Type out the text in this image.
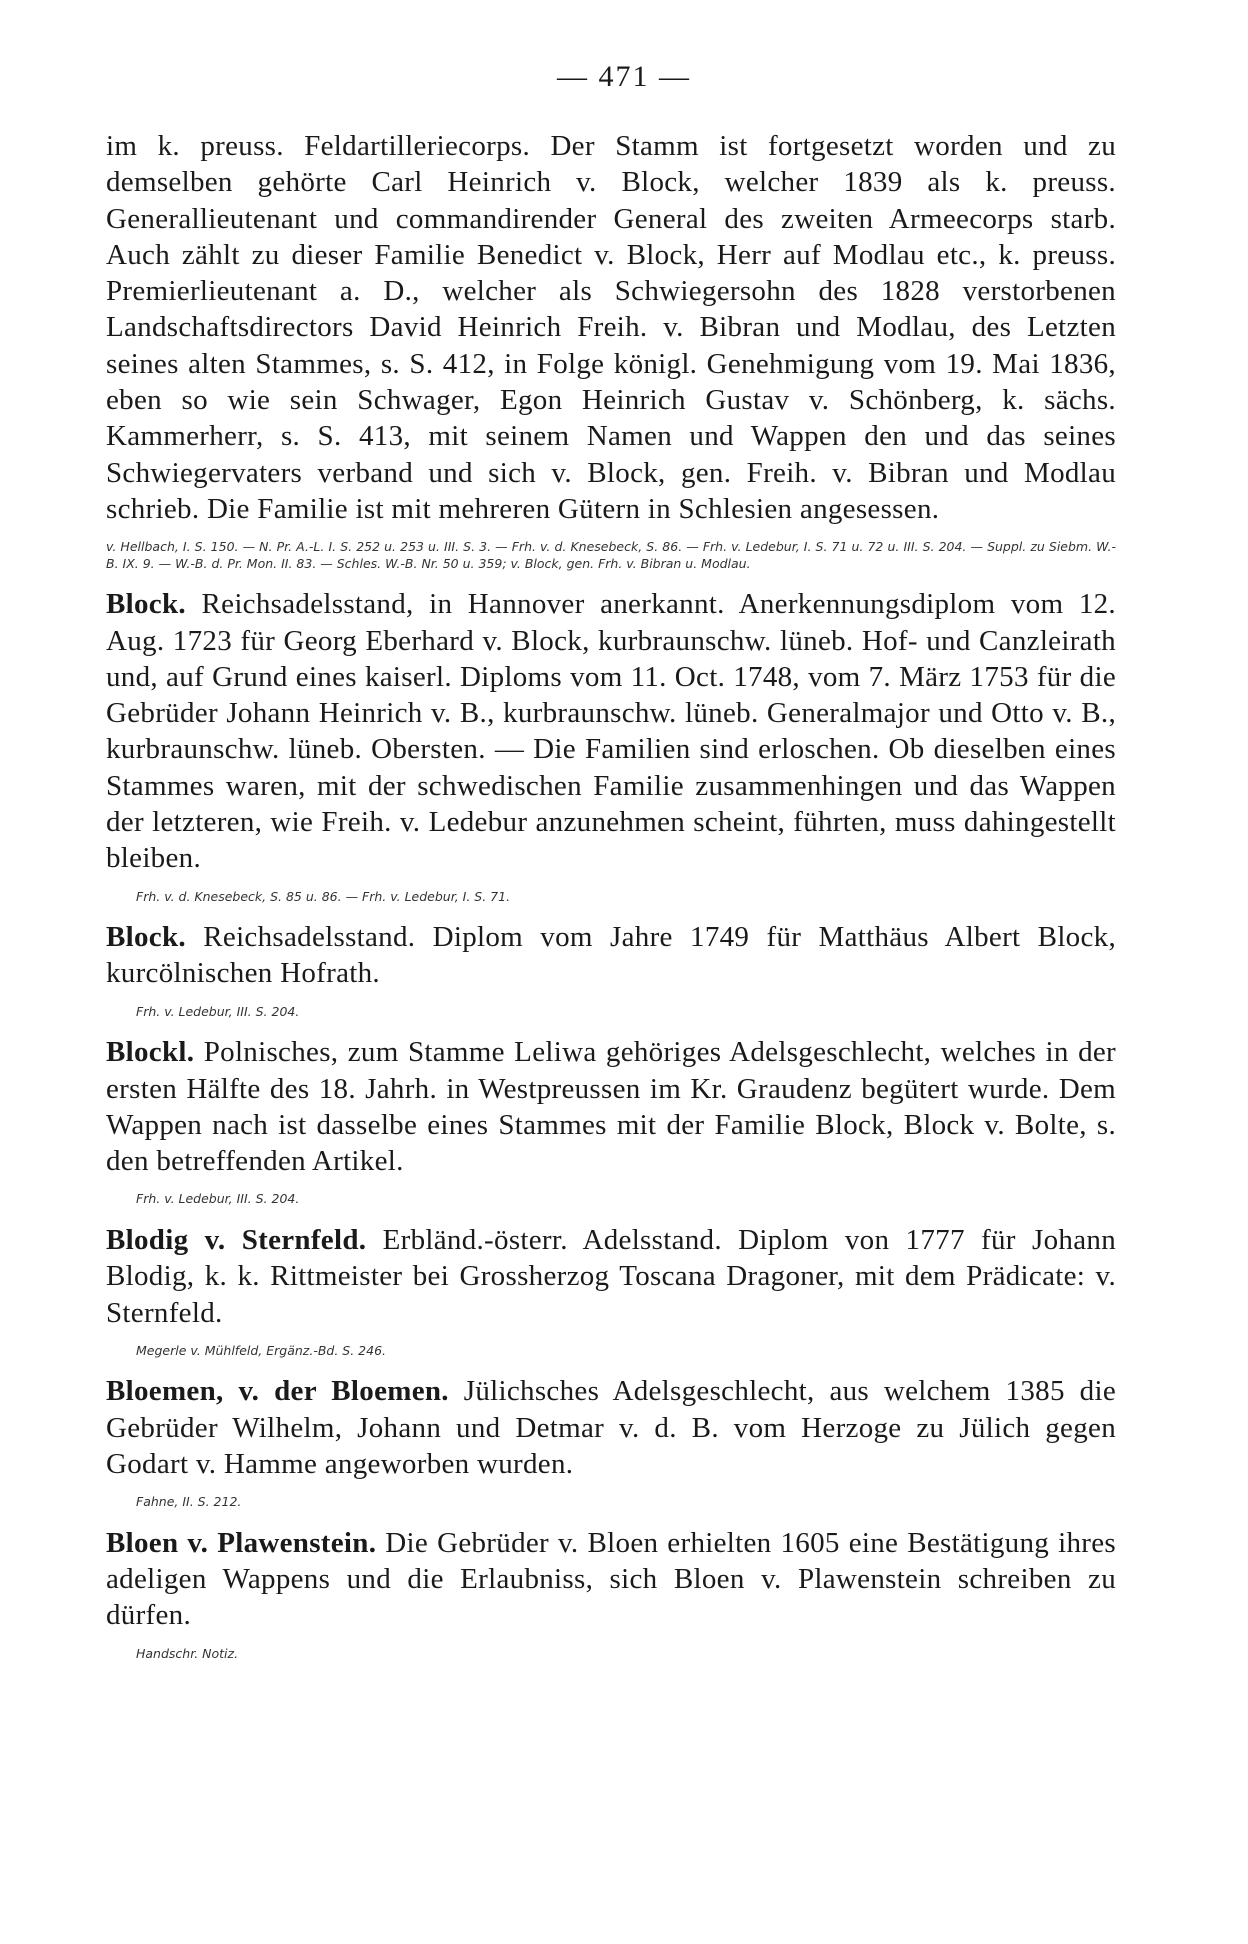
— 471 —

im k. preuss. Feldartilleriecorps. Der Stamm ist fortgesetzt worden und zu demselben gehörte Carl Heinrich v. Block, welcher 1839 als k. preuss. Generallieutenant und commandirender General des zweiten Armeecorps starb. Auch zählt zu dieser Familie Benedict v. Block, Herr auf Modlau etc., k. preuss. Premierlieutenant a. D., welcher als Schwiegersohn des 1828 verstorbenen Landschaftsdirectors David Heinrich Freih. v. Bibran und Modlau, des Letzten seines alten Stammes, s. S. 412, in Folge königl. Genehmigung vom 19. Mai 1836, eben so wie sein Schwager, Egon Heinrich Gustav v. Schönberg, k. sächs. Kammerherr, s. S. 413, mit seinem Namen und Wappen den und das seines Schwiegervaters verband und sich v. Block, gen. Freih. v. Bibran und Modlau schrieb. Die Familie ist mit mehreren Gütern in Schlesien angesessen.

v. Hellbach, I. S. 150. — N. Pr. A.-L. I. S. 252 u. 253 u. III. S. 3. — Frh. v. d. Knesebeck, S. 86. — Frh. v. Ledebur, I. S. 71 u. 72 u. III. S. 204. — Suppl. zu Siebm. W.-B. IX. 9. — W.-B. d. Pr. Mon. II. 83. — Schles. W.-B. Nr. 50 u. 359; v. Block, gen. Frh. v. Bibran u. Modlau.

Block. Reichsadelsstand, in Hannover anerkannt. Anerkennungsdiplom vom 12. Aug. 1723 für Georg Eberhard v. Block, kurbraunschw. lüneb. Hof- und Canzleirath und, auf Grund eines kaiserl. Diploms vom 11. Oct. 1748, vom 7. März 1753 für die Gebrüder Johann Heinrich v. B., kurbraunschw. lüneb. Generalmajor und Otto v. B., kurbraunschw. lüneb. Obersten. — Die Familien sind erloschen. Ob dieselben eines Stammes waren, mit der schwedischen Familie zusammenhingen und das Wappen der letzteren, wie Freih. v. Ledebur anzunehmen scheint, führten, muss dahingestellt bleiben.

Frh. v. d. Knesebeck, S. 85 u. 86. — Frh. v. Ledebur, I. S. 71.

Block. Reichsadelsstand. Diplom vom Jahre 1749 für Matthäus Albert Block, kurcölnischen Hofrath.

Frh. v. Ledebur, III. S. 204.

Blockl. Polnisches, zum Stamme Leliwa gehöriges Adelsgeschlecht, welches in der ersten Hälfte des 18. Jahrh. in Westpreussen im Kr. Graudenz begütert wurde. Dem Wappen nach ist dasselbe eines Stammes mit der Familie Block, Block v. Bolte, s. den betreffenden Artikel.

Frh. v. Ledebur, III. S. 204.

Blodig v. Sternfeld. Erbländ.-österr. Adelsstand. Diplom von 1777 für Johann Blodig, k. k. Rittmeister bei Grossherzog Toscana Dragoner, mit dem Prädicate: v. Sternfeld.

Megerle v. Mühlfeld, Ergänz.-Bd. S. 246.

Bloemen, v. der Bloemen. Jülichsches Adelsgeschlecht, aus welchem 1385 die Gebrüder Wilhelm, Johann und Detmar v. d. B. vom Herzoge zu Jülich gegen Godart v. Hamme angeworben wurden.

Fahne, II. S. 212.

Bloen v. Plawenstein. Die Gebrüder v. Bloen erhielten 1605 eine Bestätigung ihres adeligen Wappens und die Erlaubniss, sich Bloen v. Plawenstein schreiben zu dürfen.

Handschr. Notiz.
